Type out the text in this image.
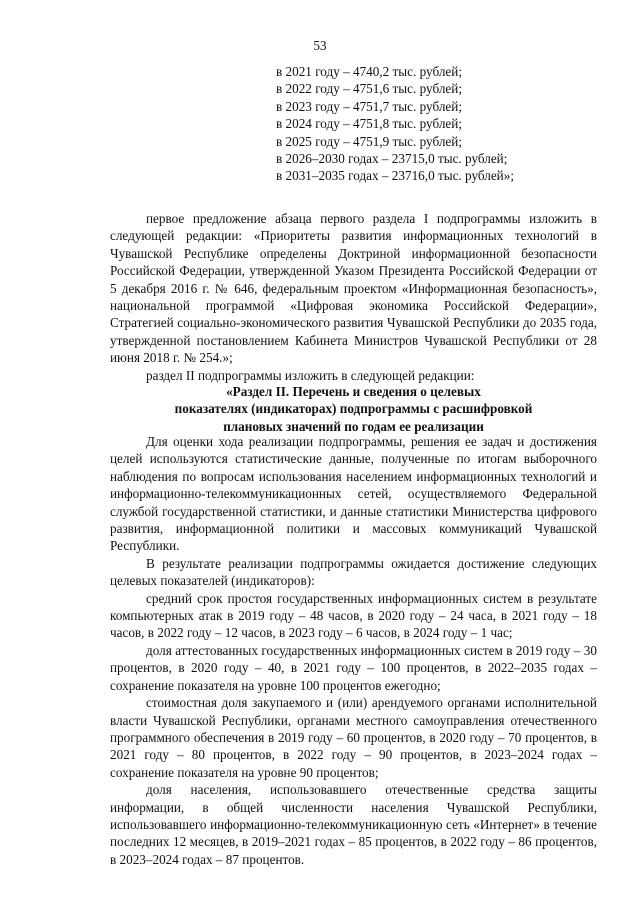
53
в 2021 году – 4740,2 тыс. рублей;
в 2022 году – 4751,6 тыс. рублей;
в 2023 году – 4751,7 тыс. рублей;
в 2024 году – 4751,8 тыс. рублей;
в 2025 году – 4751,9 тыс. рублей;
в 2026–2030 годах – 23715,0 тыс. рублей;
в 2031–2035 годах – 23716,0 тыс. рублей»;

первое предложение абзаца первого раздела I подпрограммы изложить в следующей редакции: «Приоритеты развития информационных технологий в Чувашской Республике определены Доктриной информационной безопасности Российской Федерации, утвержденной Указом Президента Российской Федерации от 5 декабря 2016 г. № 646, федеральным проектом «Информационная безопасность», национальной программой «Цифровая экономика Российской Федерации», Стратегией социально-экономического развития Чувашской Республики до 2035 года, утвержденной постановлением Кабинета Министров Чувашской Республики от 28 июня 2018 г. № 254.»;

раздел II подпрограммы изложить в следующей редакции:

«Раздел II. Перечень и сведения о целевых
показателях (индикаторах) подпрограммы с расшифровкой
плановых значений по годам ее реализации

Для оценки хода реализации подпрограммы, решения ее задач и достижения целей используются статистические данные, полученные по итогам выборочного наблюдения по вопросам использования населением информационных технологий и информационно-телекоммуникационных сетей, осуществляемого Федеральной службой государственной статистики, и данные статистики Министерства цифрового развития, информационной политики и массовых коммуникаций Чувашской Республики.

В результате реализации подпрограммы ожидается достижение следующих целевых показателей (индикаторов):

средний срок простоя государственных информационных систем в результате компьютерных атак в 2019 году – 48 часов, в 2020 году – 24 часа, в 2021 году – 18 часов, в 2022 году – 12 часов, в 2023 году – 6 часов, в 2024 году – 1 час;

доля аттестованных государственных информационных систем в 2019 году – 30 процентов, в 2020 году – 40, в 2021 году – 100 процентов, в 2022–2035 годах – сохранение показателя на уровне 100 процентов ежегодно;

стоимостная доля закупаемого и (или) арендуемого органами исполнительной власти Чувашской Республики, органами местного самоуправления отечественного программного обеспечения в 2019 году – 60 процентов, в 2020 году – 70 процентов, в 2021 году – 80 процентов, в 2022 году – 90 процентов, в 2023–2024 годах – сохранение показателя на уровне 90 процентов;

доля населения, использовавшего отечественные средства защиты информации, в общей численности населения Чувашской Республики, использовавшего информационно-телекоммуникационную сеть «Интернет» в течение последних 12 месяцев, в 2019–2021 годах – 85 процентов, в 2022 году – 86 процентов, в 2023–2024 годах – 87 процентов.
